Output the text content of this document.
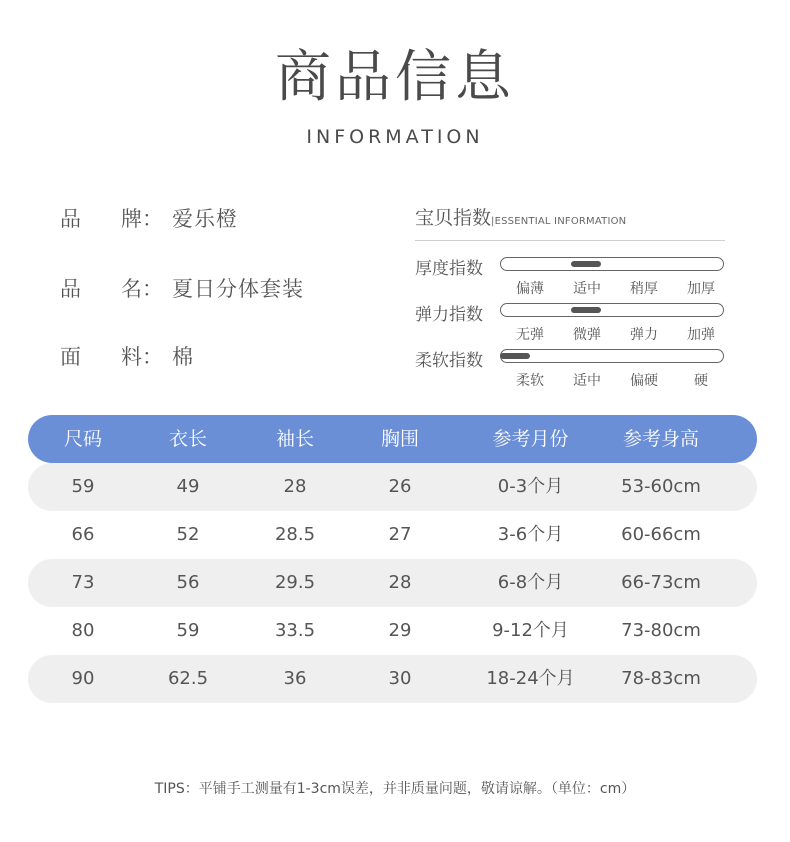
商品信息
INFORMATION
品 牌： 爱乐橙
品 名： 夏日分体套装
面 料： 棉
宝贝指数|ESSENTIAL INFORMATION
厚度指数
偏薄	适中	稍厚	加厚
弹力指数
无弹	微弹	弹力	加弹
柔软指数
柔软	适中	偏硬	硬
尺码	衣长	袖长	胸围	参考月份	参考身高
59	49	28	26	0-3个月	53-60cm
66	52	28.5	27	3-6个月	60-66cm
73	56	29.5	28	6-8个月	66-73cm
80	59	33.5	29	9-12个月	73-80cm
90	62.5	36	30	18-24个月	78-83cm
TIPS：平铺手工测量有1-3cm误差，并非质量问题，敬请谅解。（单位：cm）
